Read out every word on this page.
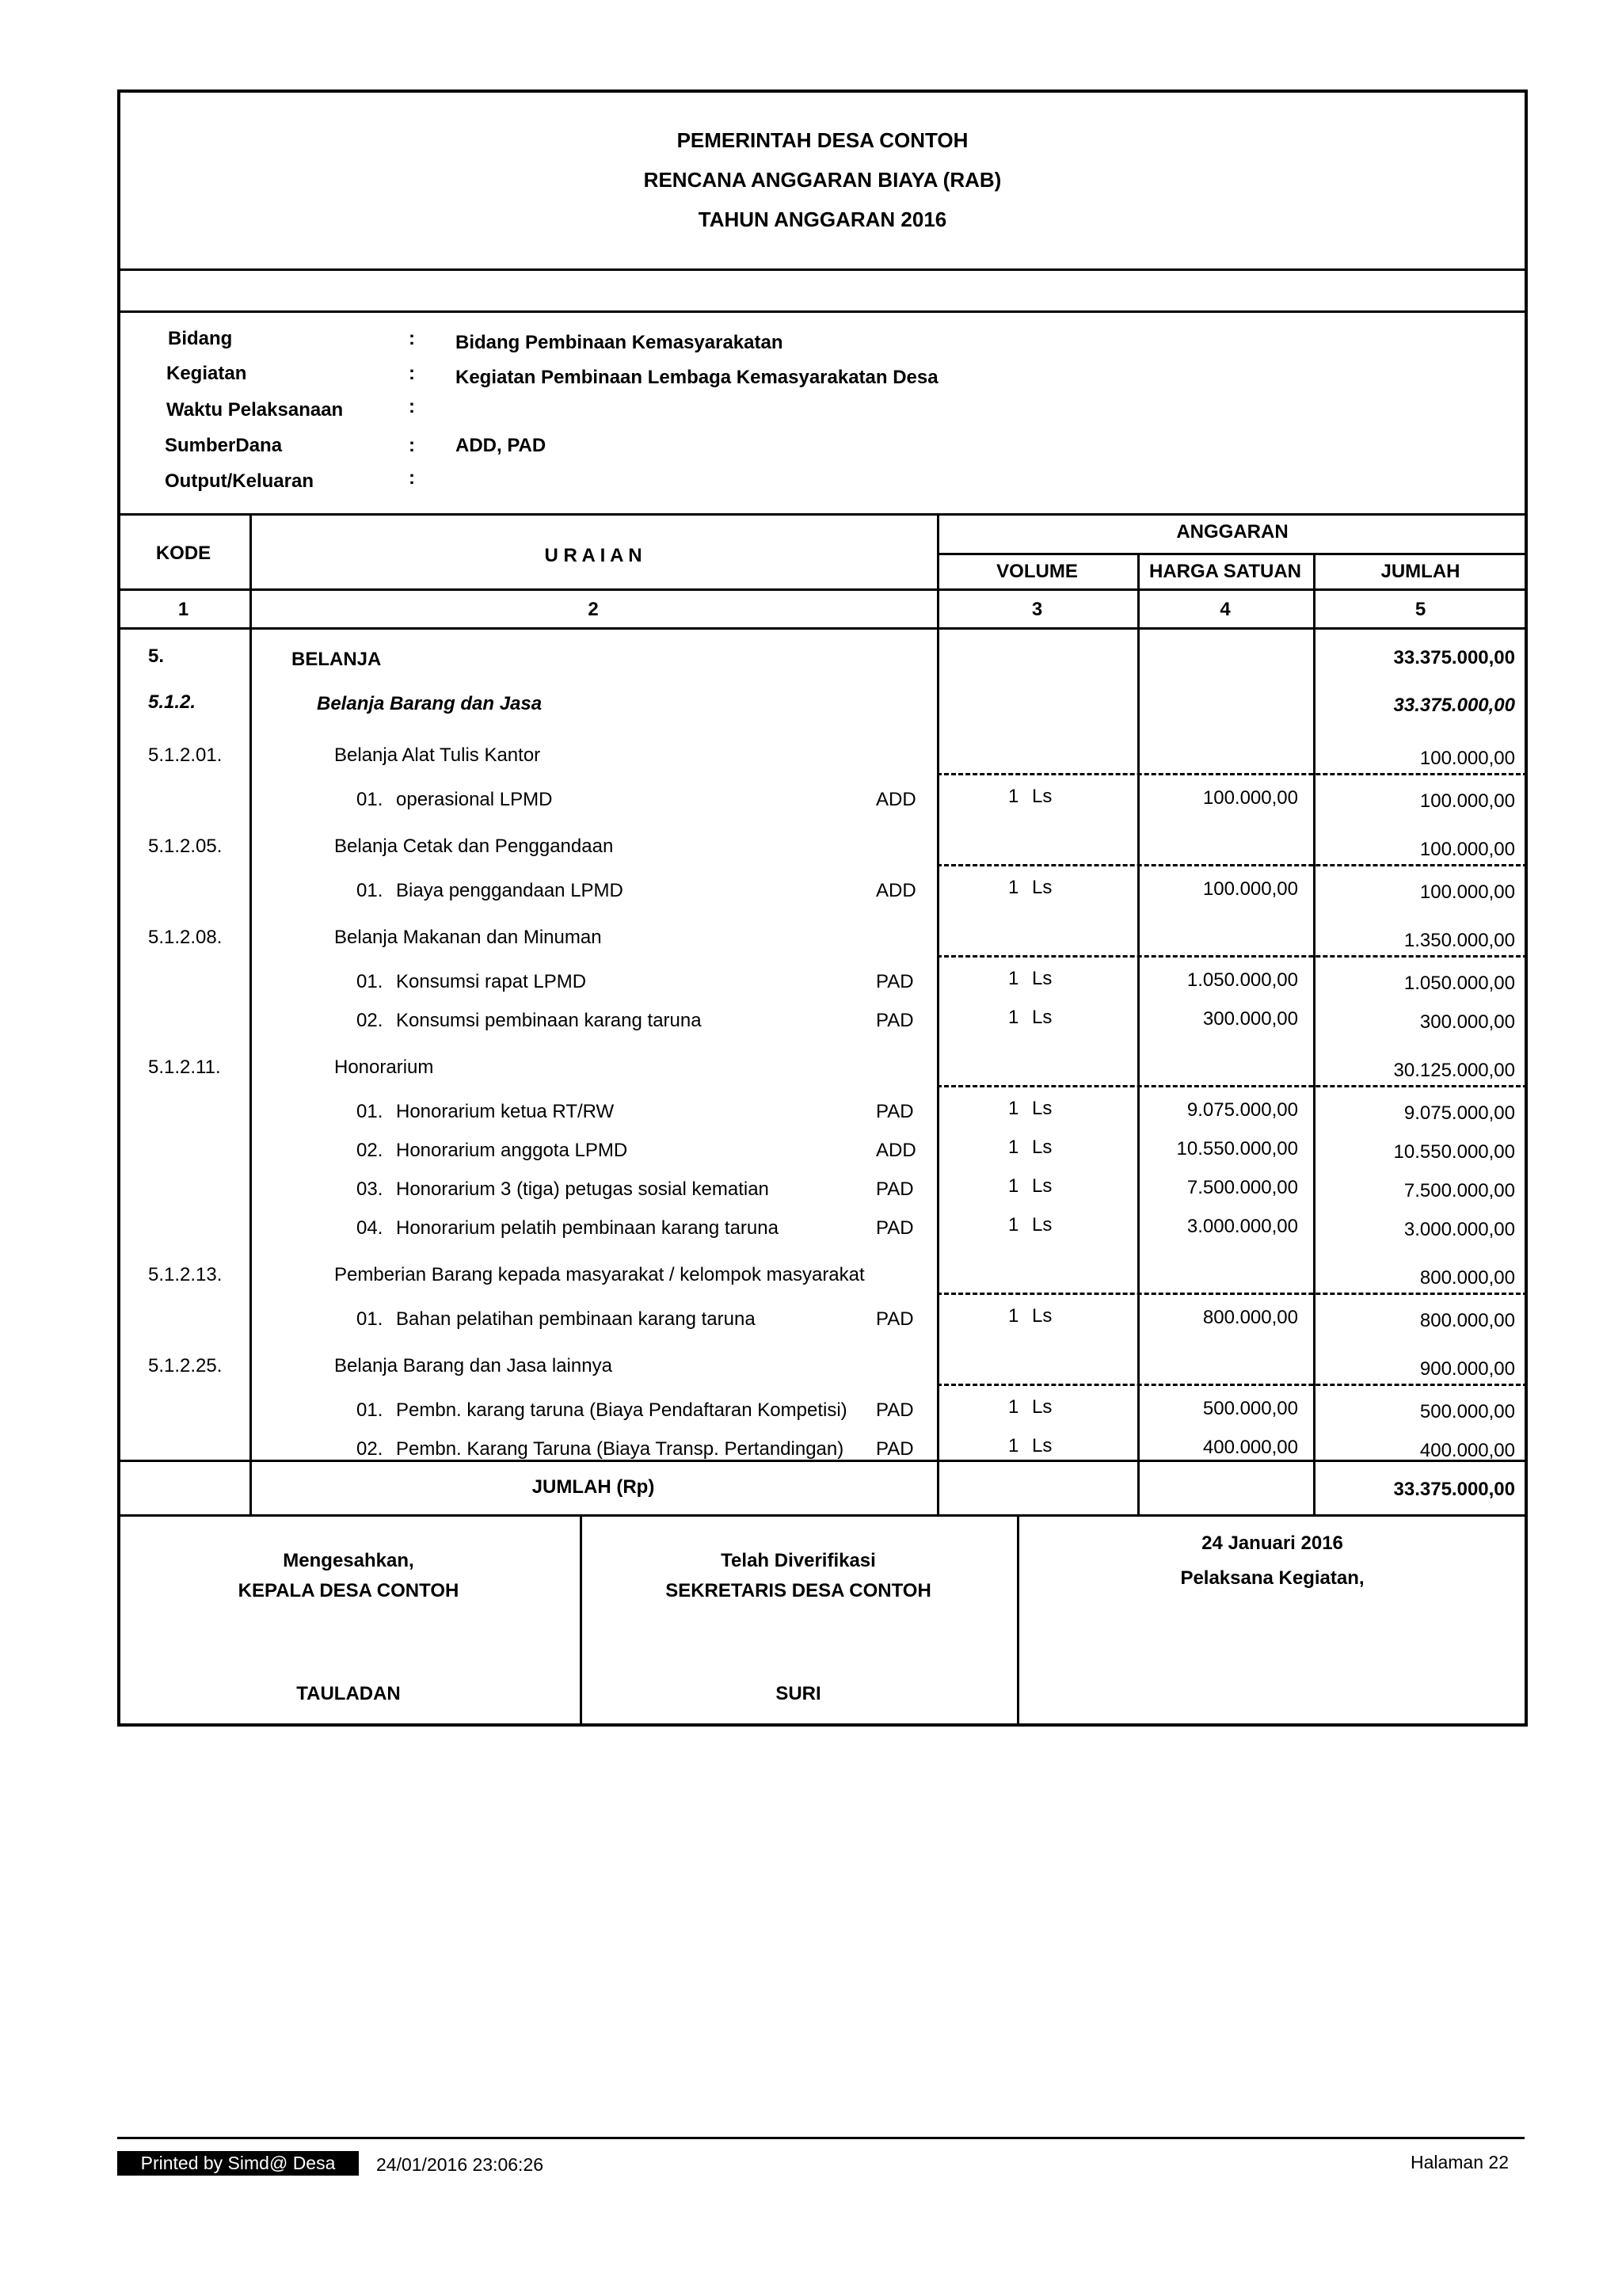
PEMERINTAH DESA CONTOH
RENCANA ANGGARAN BIAYA (RAB)
TAHUN ANGGARAN 2016
Bidang	: Bidang Pembinaan Kemasyarakatan
Kegiatan	: Kegiatan Pembinaan Lembaga Kemasyarakatan Desa
Waktu Pelaksanaan	:
SumberDana	: ADD, PAD
Output/Keluaran	:
KODE	U R A I A N
ANGGARAN
VOLUME	HARGA SATUAN	JUMLAH
1	2	3	4	5
5.	BELANJA	33.375.000,00
5.1.2.	Belanja Barang dan Jasa	33.375.000,00
5.1.2.01.	Belanja Alat Tulis Kantor	100.000,00
01. operasional LPMD	ADD	1 Ls	100.000,00	100.000,00
5.1.2.05.	Belanja Cetak dan Penggandaan	100.000,00
01. Biaya penggandaan LPMD	ADD	1 Ls	100.000,00	100.000,00
5.1.2.08.	Belanja Makanan dan Minuman	1.350.000,00
01. Konsumsi rapat LPMD	PAD	1 Ls	1.050.000,00	1.050.000,00
02. Konsumsi pembinaan karang taruna	PAD	1 Ls	300.000,00	300.000,00
5.1.2.11.	Honorarium	30.125.000,00
01. Honorarium ketua RT/RW	PAD	1 Ls	9.075.000,00	9.075.000,00
02. Honorarium anggota LPMD	ADD	1 Ls	10.550.000,00	10.550.000,00
03. Honorarium 3 (tiga) petugas sosial kematian	PAD	1 Ls	7.500.000,00	7.500.000,00
04. Honorarium pelatih pembinaan karang taruna	PAD	1 Ls	3.000.000,00	3.000.000,00
5.1.2.13.	Pemberian Barang kepada masyarakat / kelompok masyarakat	800.000,00
01. Bahan pelatihan pembinaan karang taruna	PAD	1 Ls	800.000,00	800.000,00
5.1.2.25.	Belanja Barang dan Jasa lainnya	900.000,00
01. Pembn. karang taruna (Biaya Pendaftaran Kompetisi) PAD	1 Ls	500.000,00	500.000,00
02. Pembn. Karang Taruna (Biaya Transp. Pertandingan) PAD	1 Ls	400.000,00	400.000,00
JUMLAH (Rp)	33.375.000,00
Mengesahkan,
KEPALA DESA CONTOH
TAULADAN
Telah Diverifikasi
SEKRETARIS DESA CONTOH
SURI
24 Januari 2016
Pelaksana Kegiatan,
Printed by Simd@ Desa	24/01/2016 23:06:26	Halaman 22
